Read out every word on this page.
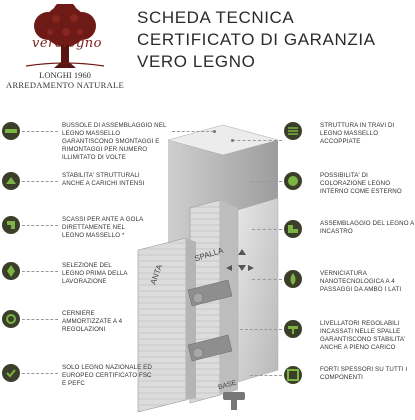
verolegno
LONGHI 1960
ARREDAMENTO NATURALE
SCHEDA TECNICA
CERTIFICATO DI GARANZIA
VERO LEGNO
SPALLA
ANTA
BASE
BUSSOLE DI ASSEMBLAGGIO NEL LEGNO MASSELLO GARANTISCONO SMONTAGGI E RIMONTAGGI PER NUMERO ILLIMITATO DI VOLTE
STABILITA' STRUTTURALI ANCHE A CARICHI INTENSI
SCASSI PER ANTE A GOLA DIRETTAMENTE NEL LEGNO MASSELLO *
SELEZIONE DEL LEGNO PRIMA DELLA LAVORAZIONE
CERNIERE AMMORTIZZATE A 4 REGOLAZIONI
SOLO LEGNO NAZIONALE ED EUROPEO CERTIFICATO FSC E PEFC
STRUTTURA IN TRAVI DI LEGNO MASSELLO ACCOPPIATE
POSSIBILITA' DI COLORAZIONE LEGNO INTERNO COME ESTERNO
ASSEMBLAGGIO DEL LEGNO A INCASTRO
VERNICIATURA NANOTECNOLOGICA A 4 PASSAGGI DA AMBO I LATI
LIVELLATORI REGOLABILI INCASSATI NELLE SPALLE GARANTISCONO STABILITA' ANCHE A PIENO CARICO
FORTI SPESSORI SU TUTTI I COMPONENTI
